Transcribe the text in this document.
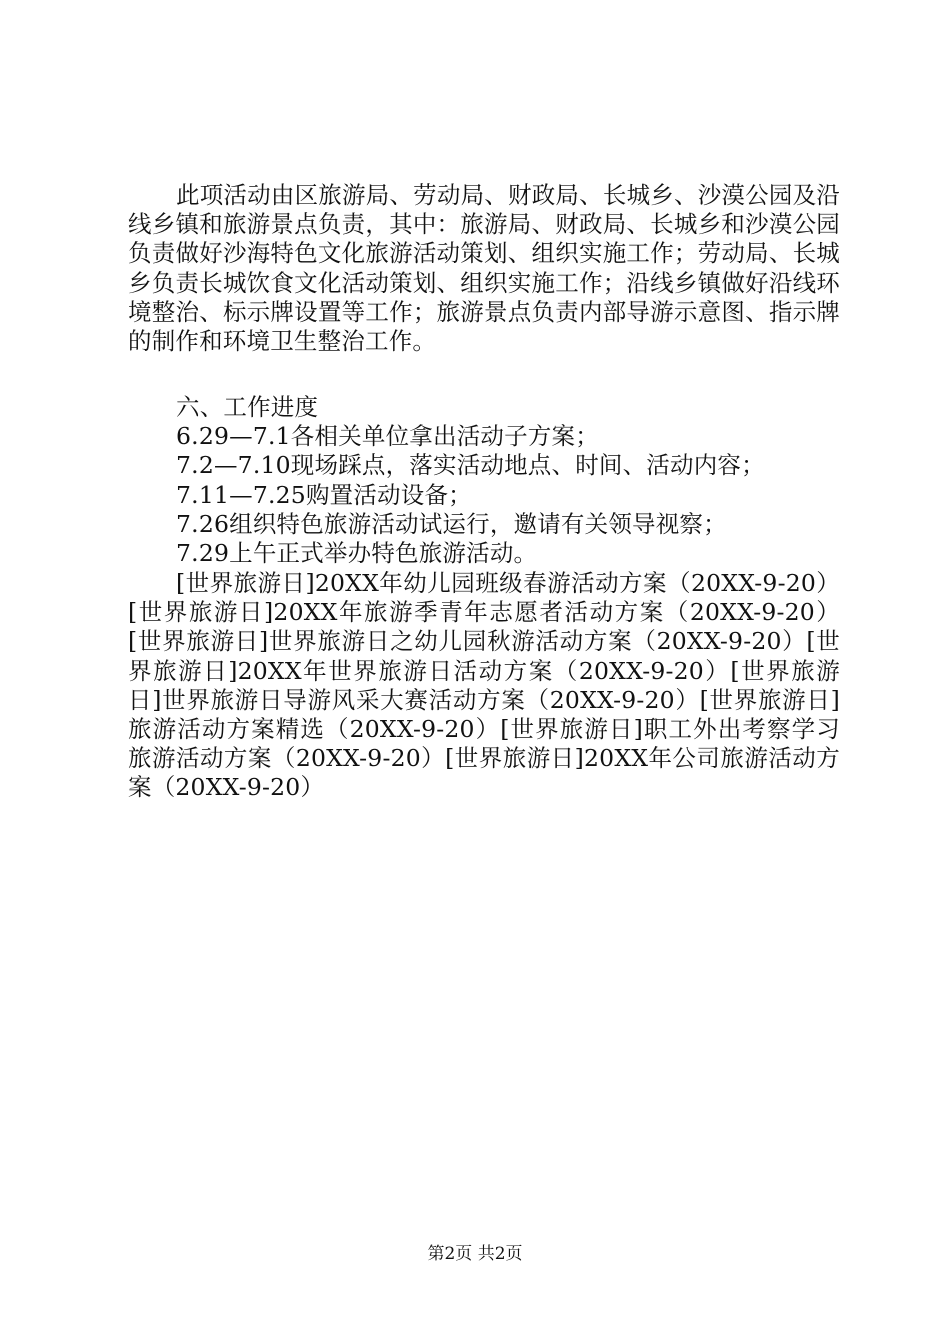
此项活动由区旅游局、劳动局、财政局、长城乡、沙漠公园及沿线乡镇和旅游景点负责，其中：旅游局、财政局、长城乡和沙漠公园负责做好沙海特色文化旅游活动策划、组织实施工作；劳动局、长城乡负责长城饮食文化活动策划、组织实施工作；沿线乡镇做好沿线环境整治、标示牌设置等工作；旅游景点负责内部导游示意图、指示牌的制作和环境卫生整治工作。

六、工作进度

6.29—7.1各相关单位拿出活动子方案；

7.2—7.10现场踩点，落实活动地点、时间、活动内容；

7.11—7.25购置活动设备；

7.26组织特色旅游活动试运行，邀请有关领导视察；

7.29上午正式举办特色旅游活动。

[世界旅游日]20XX年幼儿园班级春游活动方案（20XX-9-20）[世界旅游日]20XX年旅游季青年志愿者活动方案（20XX-9-20）[世界旅游日]世界旅游日之幼儿园秋游活动方案（20XX-9-20）[世界旅游日]20XX年世界旅游日活动方案（20XX-9-20）[世界旅游日]世界旅游日导游风采大赛活动方案（20XX-9-20）[世界旅游日]旅游活动方案精选（20XX-9-20）[世界旅游日]职工外出考察学习旅游活动方案（20XX-9-20）[世界旅游日]20XX年公司旅游活动方案（20XX-9-20）

第2页 共2页
